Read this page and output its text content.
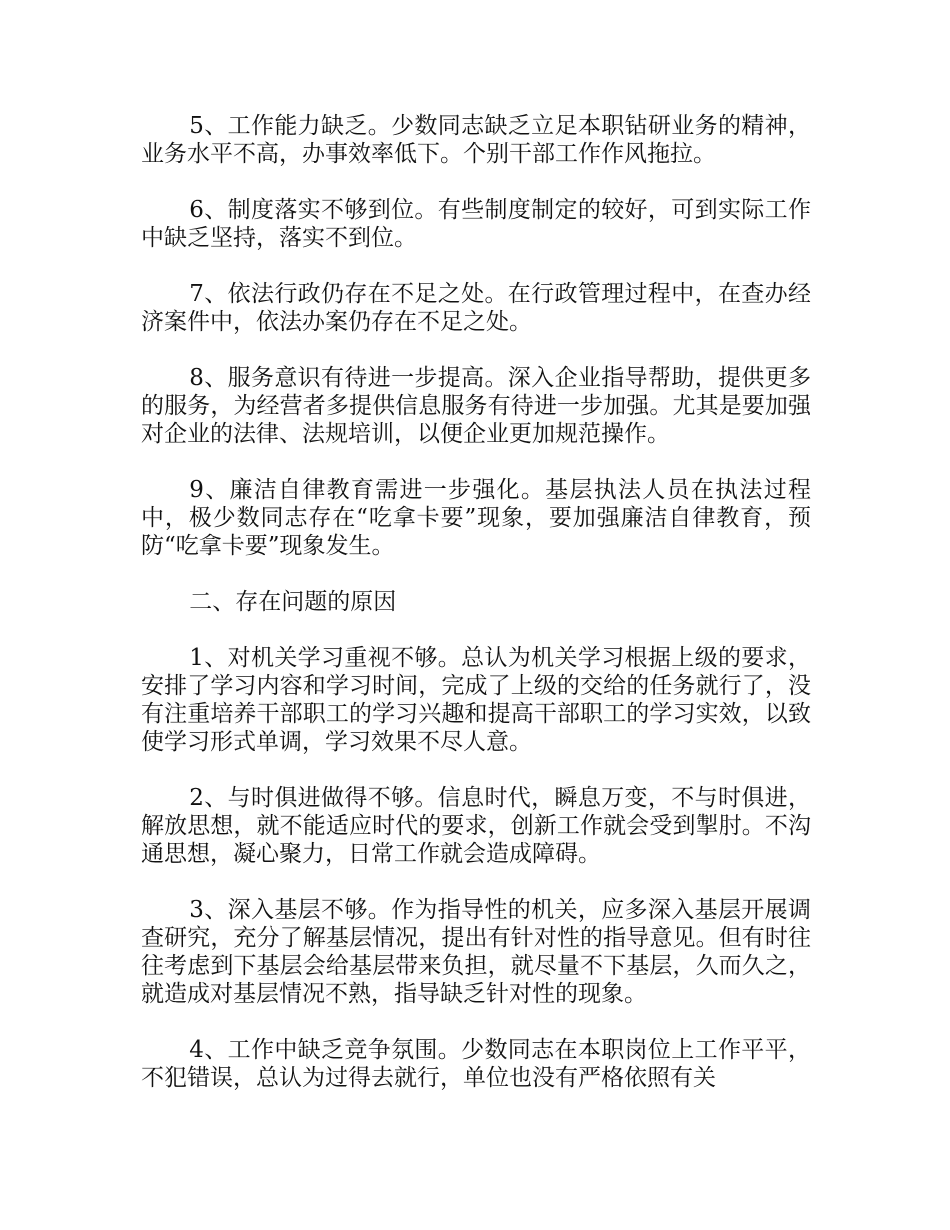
5、工作能力缺乏。少数同志缺乏立足本职钻研业务的精神，业务水平不高，办事效率低下。个别干部工作作风拖拉。

6、制度落实不够到位。有些制度制定的较好，可到实际工作中缺乏坚持，落实不到位。

7、依法行政仍存在不足之处。在行政管理过程中，在查办经济案件中，依法办案仍存在不足之处。

8、服务意识有待进一步提高。深入企业指导帮助，提供更多的服务，为经营者多提供信息服务有待进一步加强。尤其是要加强对企业的法律、法规培训，以便企业更加规范操作。

9、廉洁自律教育需进一步强化。基层执法人员在执法过程中，极少数同志存在“吃拿卡要”现象，要加强廉洁自律教育，预防“吃拿卡要”现象发生。

二、存在问题的原因

1、对机关学习重视不够。总认为机关学习根据上级的要求，安排了学习内容和学习时间，完成了上级的交给的任务就行了，没有注重培养干部职工的学习兴趣和提高干部职工的学习实效，以致使学习形式单调，学习效果不尽人意。

2、与时俱进做得不够。信息时代，瞬息万变，不与时俱进，解放思想，就不能适应时代的要求，创新工作就会受到掣肘。不沟通思想，凝心聚力，日常工作就会造成障碍。

3、深入基层不够。作为指导性的机关，应多深入基层开展调查研究，充分了解基层情况，提出有针对性的指导意见。但有时往往考虑到下基层会给基层带来负担，就尽量不下基层，久而久之，就造成对基层情况不熟，指导缺乏针对性的现象。

4、工作中缺乏竞争氛围。少数同志在本职岗位上工作平平，不犯错误，总认为过得去就行，单位也没有严格依照有关
